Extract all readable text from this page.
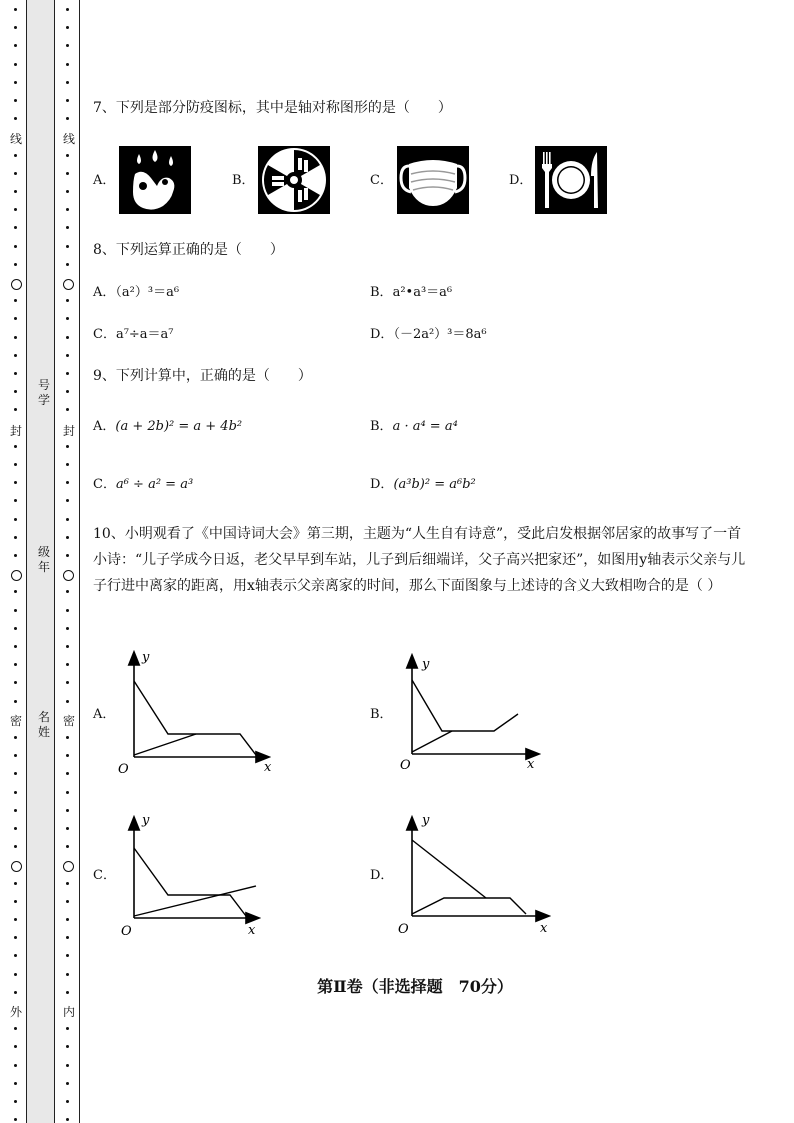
线
封
密
外
线
封
密
内
号学
级年
名姓
7、下列是部分防疫图标，其中是轴对称图形的是（　　）
A．	B．	C．	D．
8、下列运算正确的是（　　）
A．（a²）³＝a⁶	B．a²•a³＝a⁶
C．a⁷÷a＝a⁷	D．（－2a²）³＝8a⁶
9、下列计算中，正确的是（　　）
A．(a + 2b)² = a + 4b²	B．a · a⁴ = a⁴
C．a⁶ ÷ a² = a³	D．(a³b)² = a⁶b²
10、小明观看了《中国诗词大会》第三期，主题为“人生自有诗意”，受此启发根据邻居家的故事写了一首小诗：“儿子学成今日返，老父早早到车站，儿子到后细端详，父子高兴把家还”，如图用y轴表示父亲与儿子行进中离家的距离，用x轴表示父亲离家的时间，那么下面图象与上述诗的含义大致相吻合的是（ ）
A．
y
x
O
B．
y
x
O
C．
y
x
O
D．
y
x
O
第Ⅱ卷（非选择题　70分）
